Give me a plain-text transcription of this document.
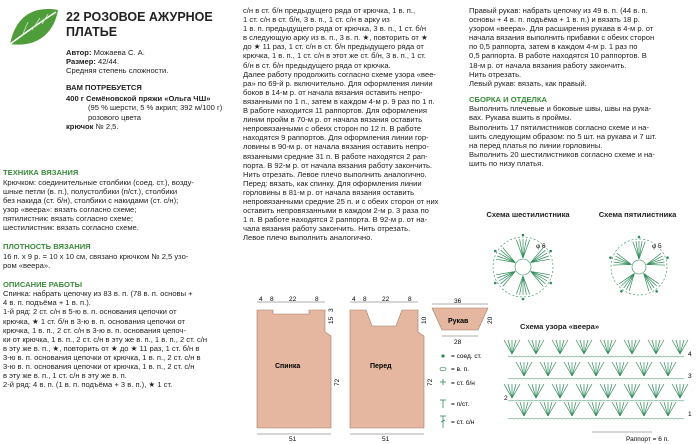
22 РОЗОВОЕ АЖУРНОЕ

ПЛАТЬЕ

Автор: Можаева С. А.

Размер: 42/44.

Средняя степень сложности.

ВАМ ПОТРЕБУЕТСЯ

400 г Семёновской пряжи «Ольга ЧШ»

(95 % шерсти, 5 % акрил; 392 м/100 г)

розового цвета

крючок № 2,5.

ТЕХНИКА ВЯЗАНИЯ

Крючком: соединительные столбики (соед. ст.), возду-

шные петли (в. п.), полустолбики (п/ст.), столбики

без накида (ст. б/н), столбики с накидами (ст. с/н);

узор «веера»: вязать согласно схеме;

пятилистник: вязать согласно схеме;

шестилистник: вязать согласно схеме.

ПЛОТНОСТЬ ВЯЗАНИЯ

16 п. х 9 р. = 10 х 10 см, связано крючком № 2,5 узо-

ром «веера».

ОПИСАНИЕ РАБОТЫ

Спинка: набрать цепочку из 83 в. п. (78 в. п. основы +

4 в. п. подъёма + 1 в. п.).

1-й ряд: 2 ст. с/н в 5-ю в. п. основания цепочки от

крючка, ★ 1 ст. б/н в 3-ю в. п. основания цепочки от

крючка, 1 в. п., 2 ст. с/н в 3-ю в. п. основания цепоч-

ки от крючка, 1 в. п., 2 ст. с/н в эту же в. п., 1 в. п., 2 ст. с/н

в эту же в. п., ★, повторить от ★ до ★ 11 раз, 1 ст. б/н в

3-ю в. п. основания цепочки от крючка, 1 в. п., 2 ст. с/н в

3-ю в. п. основания цепочки от крючка, 1 в. п., 2 ст. с/н

в эту же в. п., 1 ст. с/н в эту же в. п.

2-й ряд: 4 в. п. (1 в. п. подъёма + 3 в. п.), ★ 1 ст.

с/н в ст. б/н предыдущего ряда от крючка, 1 в. п.,

1 ст. с/н в ст. б/н, 3 в. п., 1 ст. с/н в арку из

1 в. п. предыдущего ряда от крючка, 3 в. п., 1 ст. б/н

в следующую арку из в. п., 3 в. п. ★, повторить от ★

до ★ 11 раз, 1 ст. с/н в ст. б/н предыдущего ряда от

крючка, 1 в. п., 1 ст. с/н в этот же ст. б/н, 3 в. п., 1 ст.

б/н в ст. б/н предыдущего ряда от крючка.

Далее работу продолжить согласно схеме узора «вее-

ра» по 69-й р. включительно. Для оформления линии

боков в 14-м р. от начала вязания оставить непро-

вязанными по 1 п., затем в каждом 4-м р. 9 раз по 1 п.

В работе находится 11 раппортов. Для оформления

линии пройм в 70-м р. от начала вязания оставить

непровязанными с обеих сторон по 12 п. В работе

находятся 9 раппортов. Для оформления линии гор-

ловины в 90-м р. от начала вязания оставить непро-

вязанными средние 31 п. В работе находятся 2 рап-

порта. В 92-м р. от начала вязания работу закончить.

Нить отрезать. Левое плечо выполнить аналогично.

Перед: вязать, как спинку. Для оформления линии

горловины в 81-м р. от начала вязания оставить

непровязанными средние 25 п. и с обеих сторон от них

оставить непровязанными в каждом 2-м р. 3 раза по

1 п. В работе находятся 2 раппорта. В 92-м р. от на-

чала вязания работу закончить. Нить отрезать.

Левое плечо выполнить аналогично.

Правый рукав: набрать цепочку из 49 в. п. (44 в. п.

основы + 4 в. п. подъёма + 1 в. п.) и вязать 18 р.

узором «веера». Для расширения рукава в 4-м р. от

начала вязания выполнить прибавки с обеих сторон

по 0,5 раппорта, затем в каждом 4-м р. 1 раз по

0,5 раппорта. В работе находятся 10 раппортов. В

18-м р. от начала вязания работу закончить.

Нить отрезать.

Левый рукав: вязать, как правый.

СБОРКА И ОТДЕЛКА

Выполнить плечевые и боковые швы, швы на рука-

вах. Рукава вшить в проймы.

Выполнить 17 пятилистников согласно схеме и на-

шить следующим образом: по 5 шт. на рукава и 7 шт.

на перед платья по линии горловины.

Выполнить 20 шестилистников согласно схеме и на-

шить по низу платья.

4 8 22	8
15
3
72
51
Спинка
4 8 22	8
10
72
51
Перед
36
20
Рукав
28
= соед. ст.
= в. п.
= ст. б/н
= п/ст.
= ст. с/н

Схема шестилистника

φ 6

Схема пятилистника

φ 5

Схема узора «веера»

4
3
2
1
Раппорт = 6 п.
